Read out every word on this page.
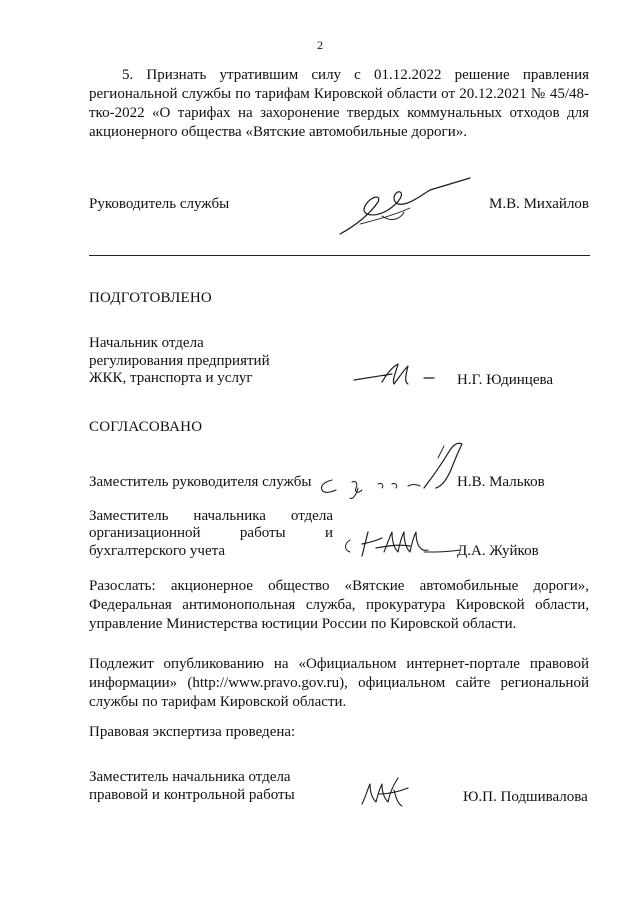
2
5. Признать утратившим силу с 01.12.2022 решение правления региональной службы по тарифам Кировской области от 20.12.2021 № 45/48-тко-2022 «О тарифах на захоронение твердых коммунальных отходов для акционерного общества «Вятские автомобильные дороги».
Руководитель службы	М.В. Михайлов
ПОДГОТОВЛЕНО
Начальник отдела
регулирования предприятий
ЖКК, транспорта и услуг	Н.Г. Юдинцева
СОГЛАСОВАНО
Заместитель руководителя службы	Н.В. Мальков
Заместитель начальника отдела
организационной	работы	и
бухгалтерского учета	Д.А. Жуйков
Разослать: акционерное общество «Вятские автомобильные дороги», Федеральная антимонопольная служба, прокуратура Кировской области, управление Министерства юстиции России по Кировской области.
Подлежит опубликованию на «Официальном интернет-портале правовой информации» (http://www.pravo.gov.ru), официальном сайте региональной службы по тарифам Кировской области.
Правовая экспертиза проведена:
Заместитель начальника отдела
правовой и контрольной работы	Ю.П. Подшивалова
